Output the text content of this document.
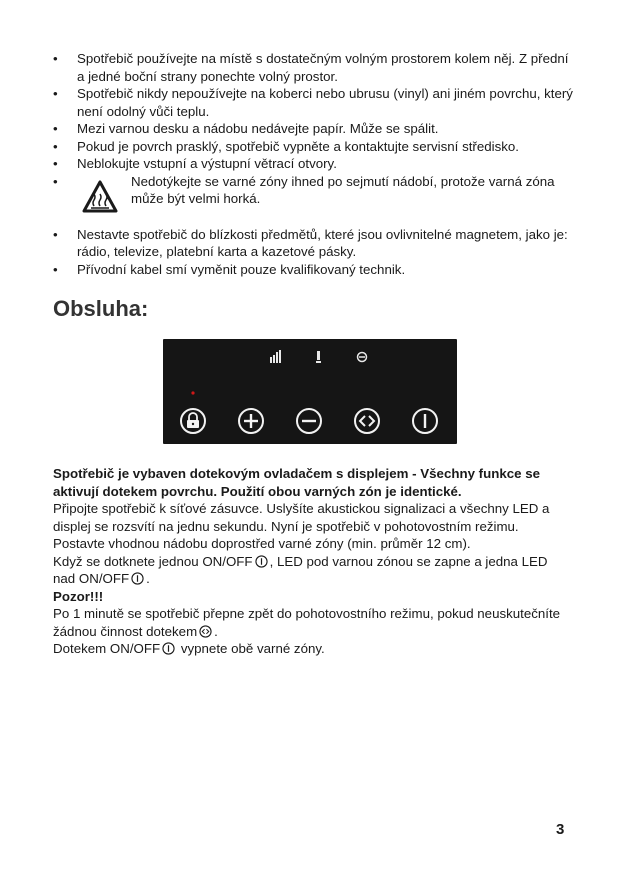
• Spotřebič používejte na místě s dostatečným volným prostorem kolem něj. Z přední a jedné boční strany ponechte volný prostor.
• Spotřebič nikdy nepoužívejte na koberci nebo ubrusu (vinyl) ani jiném povrchu, který není odolný vůči teplu.
• Mezi varnou desku a nádobu nedávejte papír. Může se spálit.
• Pokud je povrch prasklý, spotřebič vypněte a kontaktujte servisní středisko.
• Neblokujte vstupní a výstupní větrací otvory.
•	Nedotýkejte se varné zóny ihned po sejmutí nádobí, protože varná zóna může být velmi horká.
• Nestavte spotřebič do blízkosti předmětů, které jsou ovlivnitelné magnetem, jako je: rádio, televize, platební karta a kazetové pásky.
• Přívodní kabel smí vyměnit pouze kvalifikovaný technik.
Obsluha:

Spotřebič je vybaven dotekovým ovladačem s displejem - Všechny funkce se aktivují dotekem povrchu. Použití obou varných zón je identické.

Připojte spotřebič k síťové zásuvce. Uslyšíte akustickou signalizaci a všechny LED a displej se rozsvítí na jednu sekundu. Nyní je spotřebič v pohotovostním režimu. Postavte vhodnou nádobu doprostřed varné zóny (min. průměr 12 cm).

Když se dotknete jednou ON/OFF , LED pod varnou zónou se zapne a jedna LED nad ON/OFF .

Pozor!!!

Po 1 minutě se spotřebič přepne zpět do pohotovostního režimu, pokud neuskutečníte žádnou činnost dotekem .

Dotekem ON/OFF vypnete obě varné zóny.

3
